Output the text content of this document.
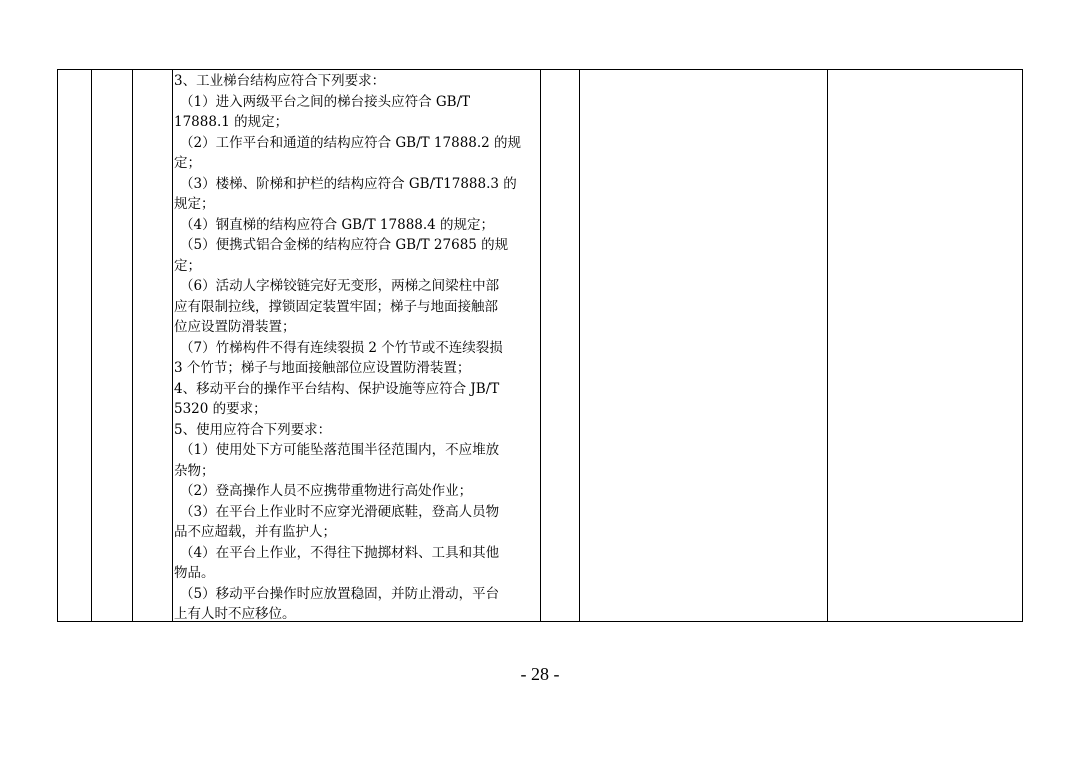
3、工业梯台结构应符合下列要求：

（1）进入两级平台之间的梯台接头应符合 GB/T

17888.1 的规定；

（2）工作平台和通道的结构应符合 GB/T 17888.2 的规

定；

（3）楼梯、阶梯和护栏的结构应符合 GB/T17888.3 的

规定；

（4）钢直梯的结构应符合 GB/T 17888.4 的规定；

（5）便携式铝合金梯的结构应符合 GB/T 27685 的规

定；

（6）活动人字梯铰链完好无变形，两梯之间梁柱中部

应有限制拉线，撑锁固定装置牢固；梯子与地面接触部

位应设置防滑装置；

（7）竹梯构件不得有连续裂损 2 个竹节或不连续裂损

3 个竹节；梯子与地面接触部位应设置防滑装置；

4、移动平台的操作平台结构、保护设施等应符合 JB/T

5320 的要求；

5、使用应符合下列要求：

（1）使用处下方可能坠落范围半径范围内，不应堆放

杂物；

（2）登高操作人员不应携带重物进行高处作业；

（3）在平台上作业时不应穿光滑硬底鞋，登高人员物

品不应超载，并有监护人；

（4）在平台上作业，不得往下抛掷材料、工具和其他

物品。

（5）移动平台操作时应放置稳固，并防止滑动，平台

上有人时不应移位。

- 28 -
